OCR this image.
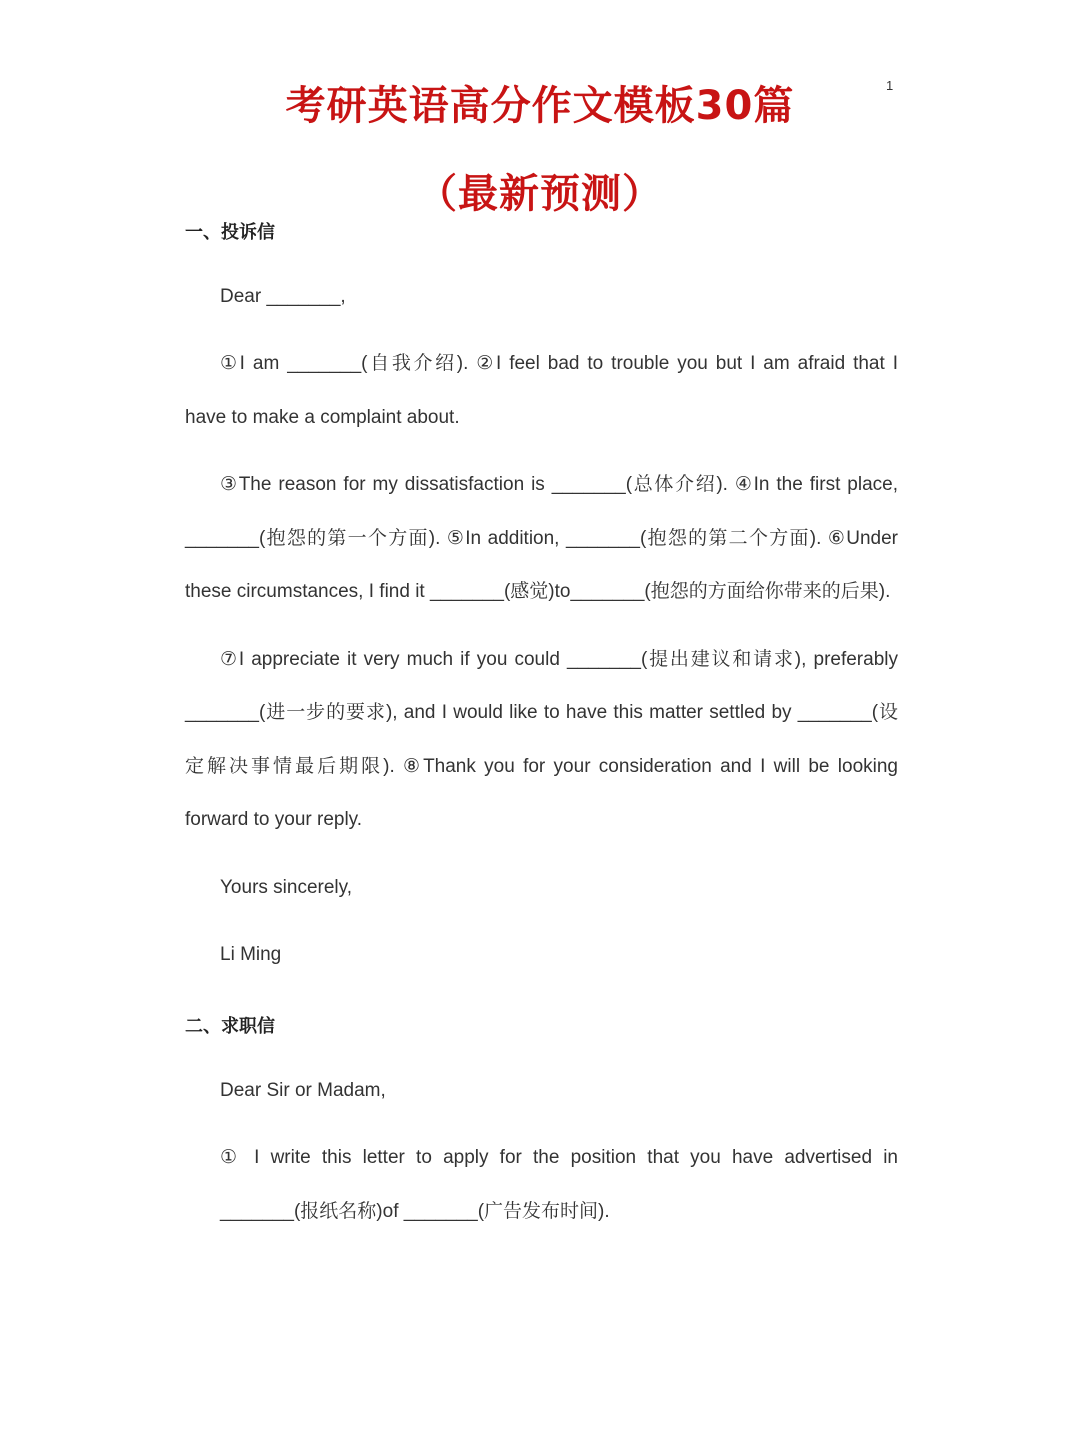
1
考研英语高分作文模板30篇
（最新预测）
一、投诉信
Dear _______,
①I am _______(自我介绍). ②I feel bad to trouble you but I am afraid that I
have to make a complaint about.
③The reason for my dissatisfaction is _______(总体介绍). ④In the first place,
_______(抱怨的第一个方面). ⑤In addition, _______(抱怨的第二个方面). ⑥Under
these circumstances, I find it _______(感觉)to_______(抱怨的方面给你带来的后果).
⑦I appreciate it very much if you could _______(提出建议和请求), preferably
_______(进一步的要求), and I would like to have this matter settled by _______(设
定解决事情最后期限). ⑧Thank you for your consideration and I will be looking
forward to your reply.
Yours sincerely,
Li Ming
二、求职信
Dear Sir or Madam,
① I write this letter to apply for the position that you have advertised in
_______(报纸名称)of _______(广告发布时间).
